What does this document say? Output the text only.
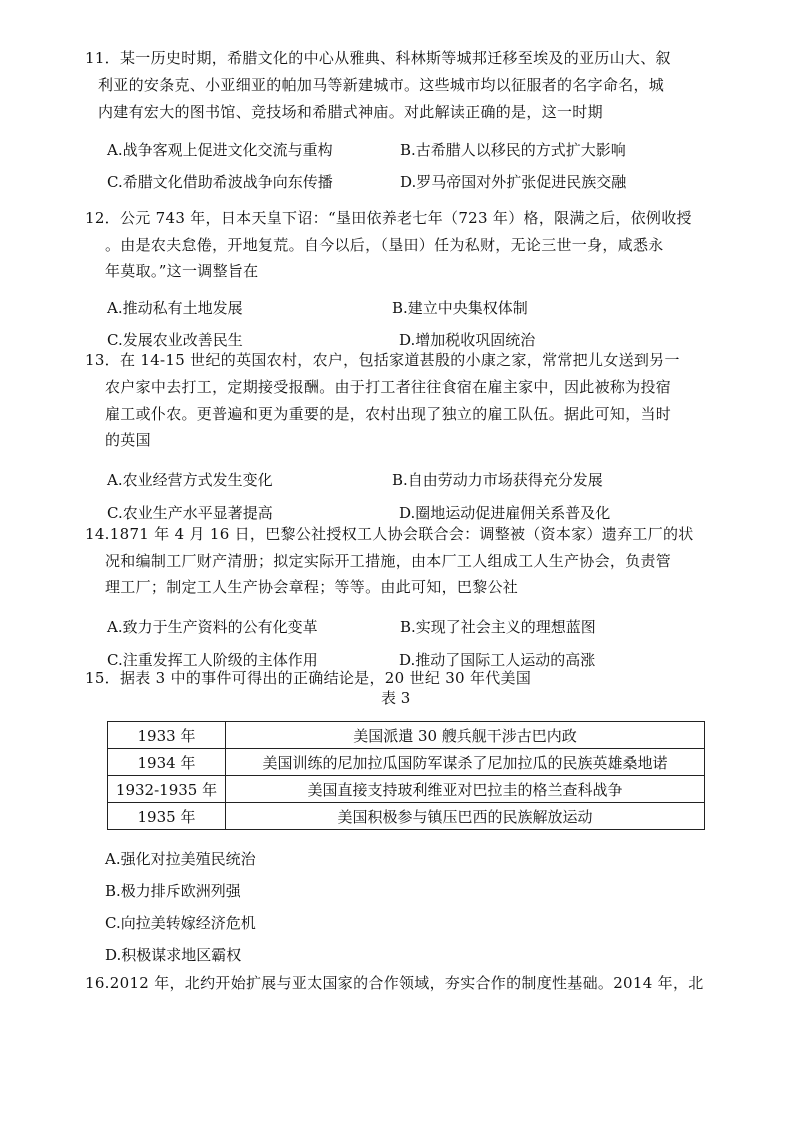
11．某一历史时期，希腊文化的中心从雅典、科林斯等城邦迁移至埃及的亚历山大、叙
利亚的安条克、小亚细亚的帕加马等新建城市。这些城市均以征服者的名字命名，城
内建有宏大的图书馆、竞技场和希腊式神庙。对此解读正确的是，这一时期
A.战争客观上促进文化交流与重构	B.古希腊人以移民的方式扩大影响
C.希腊文化借助希波战争向东传播	D.罗马帝国对外扩张促进民族交融
12．公元 743 年，日本天皇下诏：“垦田依养老七年（723 年）格，限满之后，依例收授
。由是农夫怠倦，开地复荒。自今以后，（垦田）任为私财，无论三世一身，咸悉永
年莫取。”这一调整旨在
A.推动私有土地发展	B.建立中央集权体制
C.发展农业改善民生	D.增加税收巩固统治
13．在 14-15 世纪的英国农村，农户，包括家道甚殷的小康之家，常常把儿女送到另一
农户家中去打工，定期接受报酬。由于打工者往往食宿在雇主家中，因此被称为投宿
雇工或仆农。更普遍和更为重要的是，农村出现了独立的雇工队伍。据此可知，当时
的英国
A.农业经营方式发生变化	B.自由劳动力市场获得充分发展
C.农业生产水平显著提高	D.圈地运动促进雇佣关系普及化
14.1871 年 4 月 16 日，巴黎公社授权工人协会联合会：调整被（资本家）遗弃工厂的状
况和编制工厂财产清册；拟定实际开工措施，由本厂工人组成工人生产协会，负责管
理工厂；制定工人生产协会章程；等等。由此可知，巴黎公社
A.致力于生产资料的公有化变革	B.实现了社会主义的理想蓝图
C.注重发挥工人阶级的主体作用	D.推动了国际工人运动的高涨
15．据表 3 中的事件可得出的正确结论是，20 世纪 30 年代美国
表 3
1933 年	美国派遣 30 艘兵舰干涉古巴内政
1934 年	美国训练的尼加拉瓜国防军谋杀了尼加拉瓜的民族英雄桑地诺
1932-1935 年	美国直接支持玻利维亚对巴拉圭的格兰查科战争
1935 年	美国积极参与镇压巴西的民族解放运动
A.强化对拉美殖民统治
B.极力排斥欧洲列强
C.向拉美转嫁经济危机
D.积极谋求地区霸权
16.2012 年，北约开始扩展与亚太国家的合作领域，夯实合作的制度性基础。2014 年，北
